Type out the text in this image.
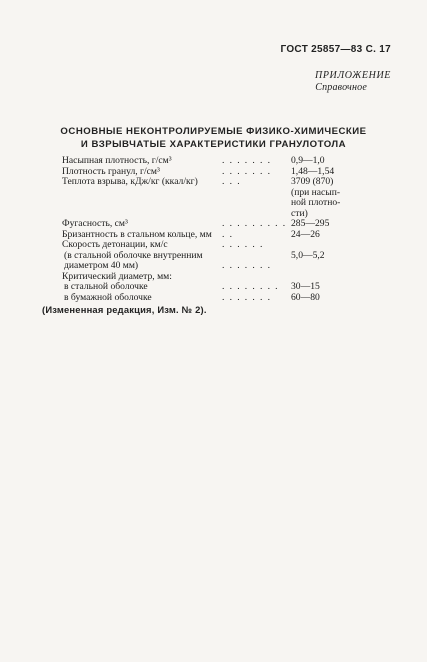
ГОСТ 25857—83 С. 17
ПРИЛОЖЕНИЕ
Справочное
ОСНОВНЫЕ НЕКОНТРОЛИРУЕМЫЕ ФИЗИКО-ХИМИЧЕСКИЕ
И ВЗРЫВЧАТЫЕ ХАРАКТЕРИСТИКИ ГРАНУЛОТОЛА
Насыпная плотность, г/см³	. . . . . . .	0,9—1,0
Плотность гранул, г/см³	. . . . . . .	1,48—1,54
Теплота взрыва, кДж/кг (ккал/кг)	. . .	3709 (870)
(при насып-
ной плотно-
сти)
Фугасность, см³	. . . . . . . . . 285—295
Бризантность в стальном кольце, мм . .	24—26
Скорость детонации, км/с	. . . . . .
(в стальной оболочке внутренним	5,0—5,2
диаметром 40 мм)	. . . . . . .
Критический диаметр, мм:
в стальной оболочке	. . . . . . . .	30—15
в бумажной оболочке	. . . . . . .	60—80
(Измененная редакция, Изм. № 2).
